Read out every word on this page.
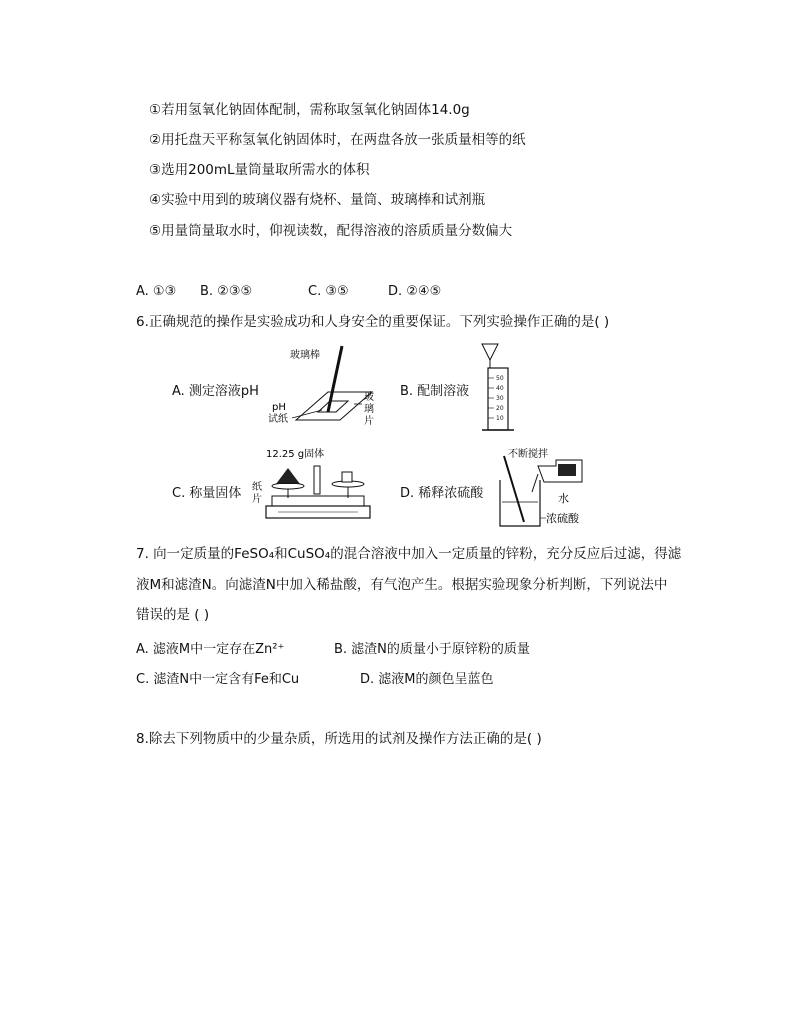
①若用氢氧化钠固体配制，需称取氢氧化钠固体14.0g
②用托盘天平称氢氧化钠固体时，在两盘各放一张质量相等的纸
③选用200mL量筒量取所需水的体积
④实验中用到的玻璃仪器有烧杯、量筒、玻璃棒和试剂瓶
⑤用量筒量取水时，仰视读数，配得溶液的溶质质量分数偏大
A. ①③ B. ②③⑤	C. ③⑤	D. ②④⑤
6.正确规范的操作是实验成功和人身安全的重要保证。下列实验操作正确的是( )
A. 测定溶液pH	B. 配制溶液
C. 称量固体	D. 稀释浓硫酸
玻璃棒
pH
试纸
玻
璃
片
50
40
30
20
10
12.25 g固体
纸
片
不断搅拌
水
浓硫酸
7. 向一定质量的FeSO₄和CuSO₄的混合溶液中加入一定质量的锌粉，充分反应后过滤，得滤
液M和滤渣N。向滤渣N中加入稀盐酸，有气泡产生。根据实验现象分析判断，下列说法中
错误的是 ( )
A. 滤液M中一定存在Zn²⁺	B. 滤渣N的质量小于原锌粉的质量
C. 滤渣N中一定含有Fe和Cu	D. 滤液M的颜色呈蓝色
8.除去下列物质中的少量杂质，所选用的试剂及操作方法正确的是( )
